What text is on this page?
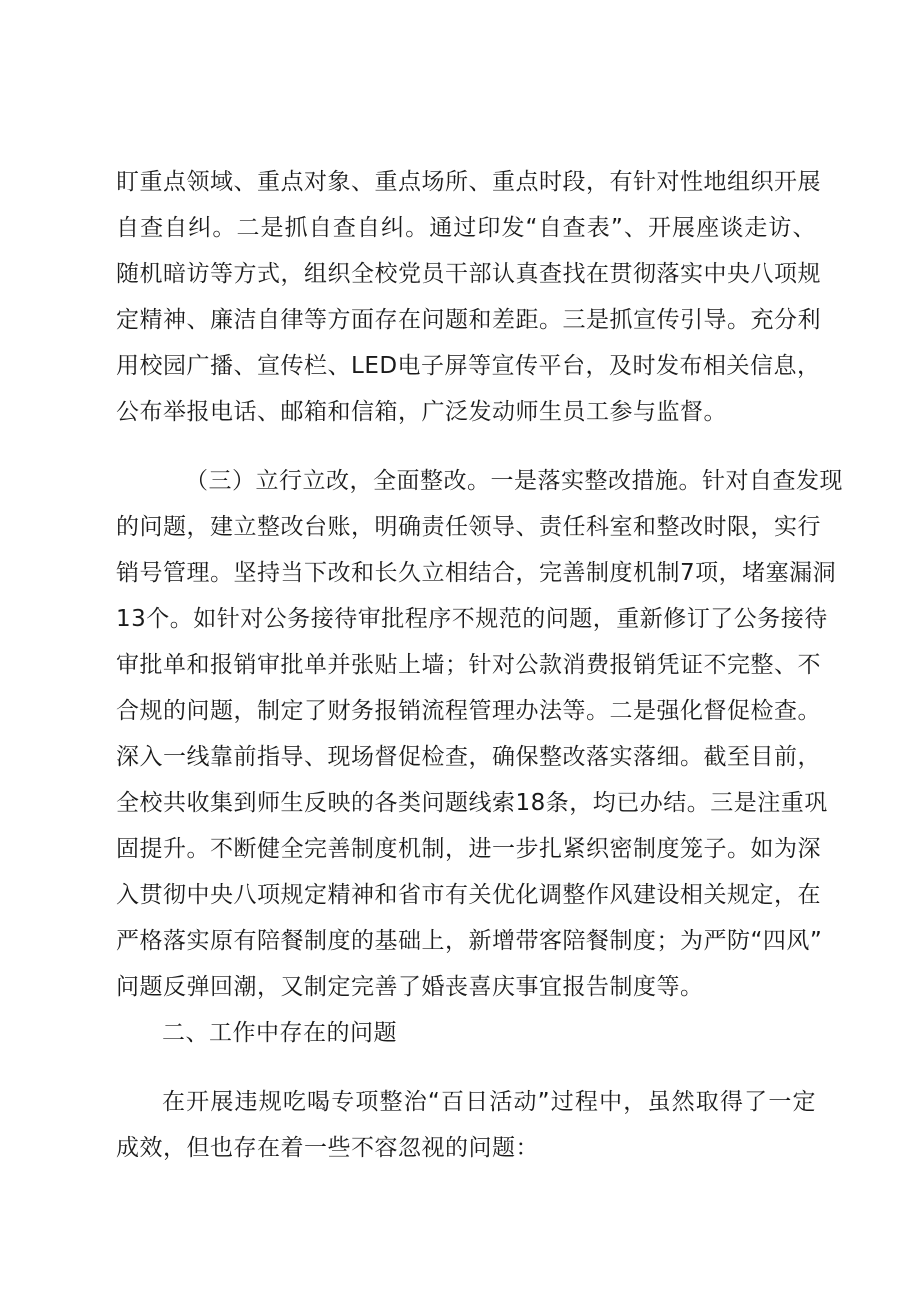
盯重点领域、重点对象、重点场所、重点时段，有针对性地组织开展
自查自纠。二是抓自查自纠。通过印发“自查表”、开展座谈走访、
随机暗访等方式，组织全校党员干部认真查找在贯彻落实中央八项规
定精神、廉洁自律等方面存在问题和差距。三是抓宣传引导。充分利
用校园广播、宣传栏、LED电子屏等宣传平台，及时发布相关信息，
公布举报电话、邮箱和信箱，广泛发动师生员工参与监督。
（三）立行立改，全面整改。一是落实整改措施。针对自查发现
的问题，建立整改台账，明确责任领导、责任科室和整改时限，实行
销号管理。坚持当下改和长久立相结合，完善制度机制7项，堵塞漏洞
13个。如针对公务接待审批程序不规范的问题，重新修订了公务接待
审批单和报销审批单并张贴上墙；针对公款消费报销凭证不完整、不
合规的问题，制定了财务报销流程管理办法等。二是强化督促检查。
深入一线靠前指导、现场督促检查，确保整改落实落细。截至目前，
全校共收集到师生反映的各类问题线索18条，均已办结。三是注重巩
固提升。不断健全完善制度机制，进一步扎紧织密制度笼子。如为深
入贯彻中央八项规定精神和省市有关优化调整作风建设相关规定，在
严格落实原有陪餐制度的基础上，新增带客陪餐制度；为严防“四风”
问题反弹回潮，又制定完善了婚丧喜庆事宜报告制度等。
二、工作中存在的问题
在开展违规吃喝专项整治“百日活动”过程中，虽然取得了一定
成效，但也存在着一些不容忽视的问题：
